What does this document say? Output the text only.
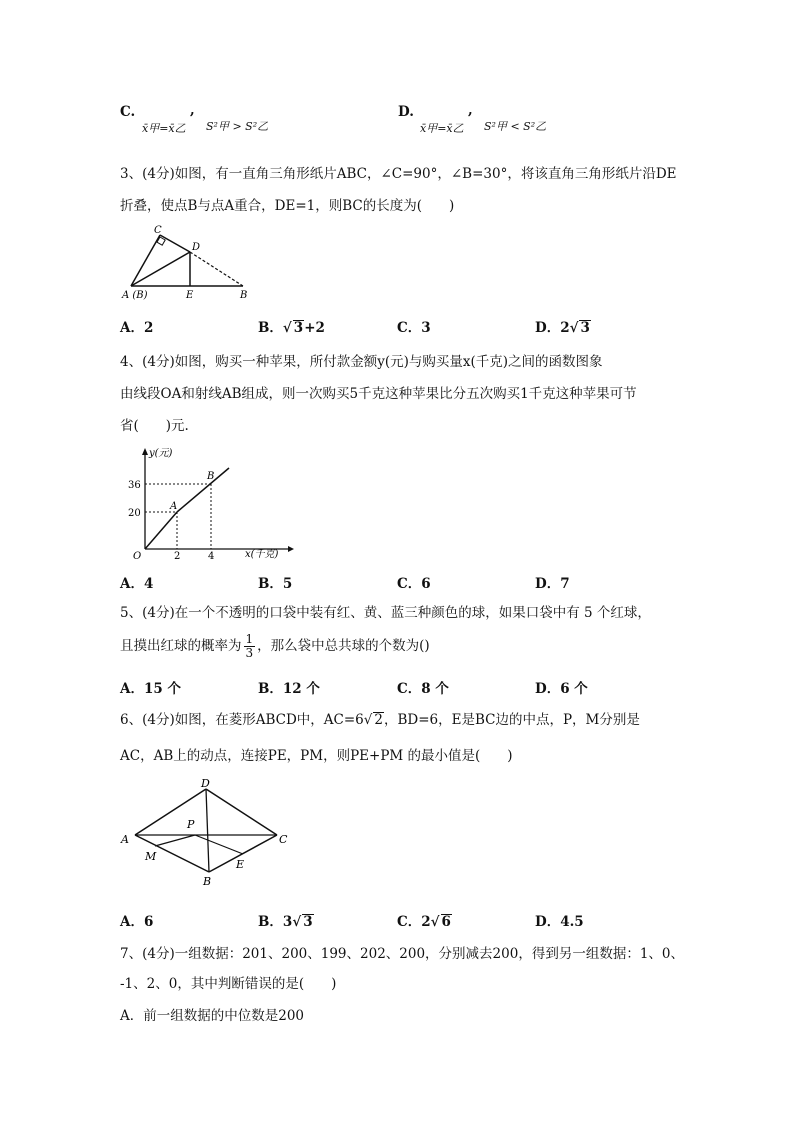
C.	,
x̄甲=x̄乙 S²甲 > S²乙
D.	,
x̄甲=x̄乙 S²甲 < S²乙
3、(4分)如图，有一直角三角形纸片ABC，∠C=90°，∠B=30°，将该直角三角形纸片沿DE
折叠，使点B与点A重合，DE=1，则BC的长度为(　　)
C
D
A (B)	E	B
A．2	B．√ 3+2	C．3	D．2√ 3
4、(4分)如图，购买一种苹果，所付款金额y(元)与购买量x(千克)之间的函数图象
由线段OA和射线AB组成，则一次购买5千克这种苹果比分五次购买1千克这种苹果可节
省(　　)元.
y(元)
x(千克)
O
36
20
2	4
A
B
A．4	B．5	C．6	D．7
5、(4分)在一个不透明的口袋中装有红、黄、蓝三种颜色的球，如果口袋中有 5 个红球，
且摸出红球的概率为 $\frac{1}{3}$ ，那么袋中总共球的个数为()
A．15 个	B．12 个	C．8 个	D．6 个
6、(4分)如图，在菱形ABCD中，AC=6√ 2，BD=6，E是BC边的中点，P，M分别是
AC，AB上的动点，连接PE，PM，则PE+PM 的最小值是(　　)
A
D
C
B
P
M
E
A．6	B．3√ 3	C．2√ 6	D．4.5
7、(4分)一组数据：201、200、199、202、200，分别减去200，得到另一组数据：1、0、
-1、2、0，其中判断错误的是(　　)
A．前一组数据的中位数是200
